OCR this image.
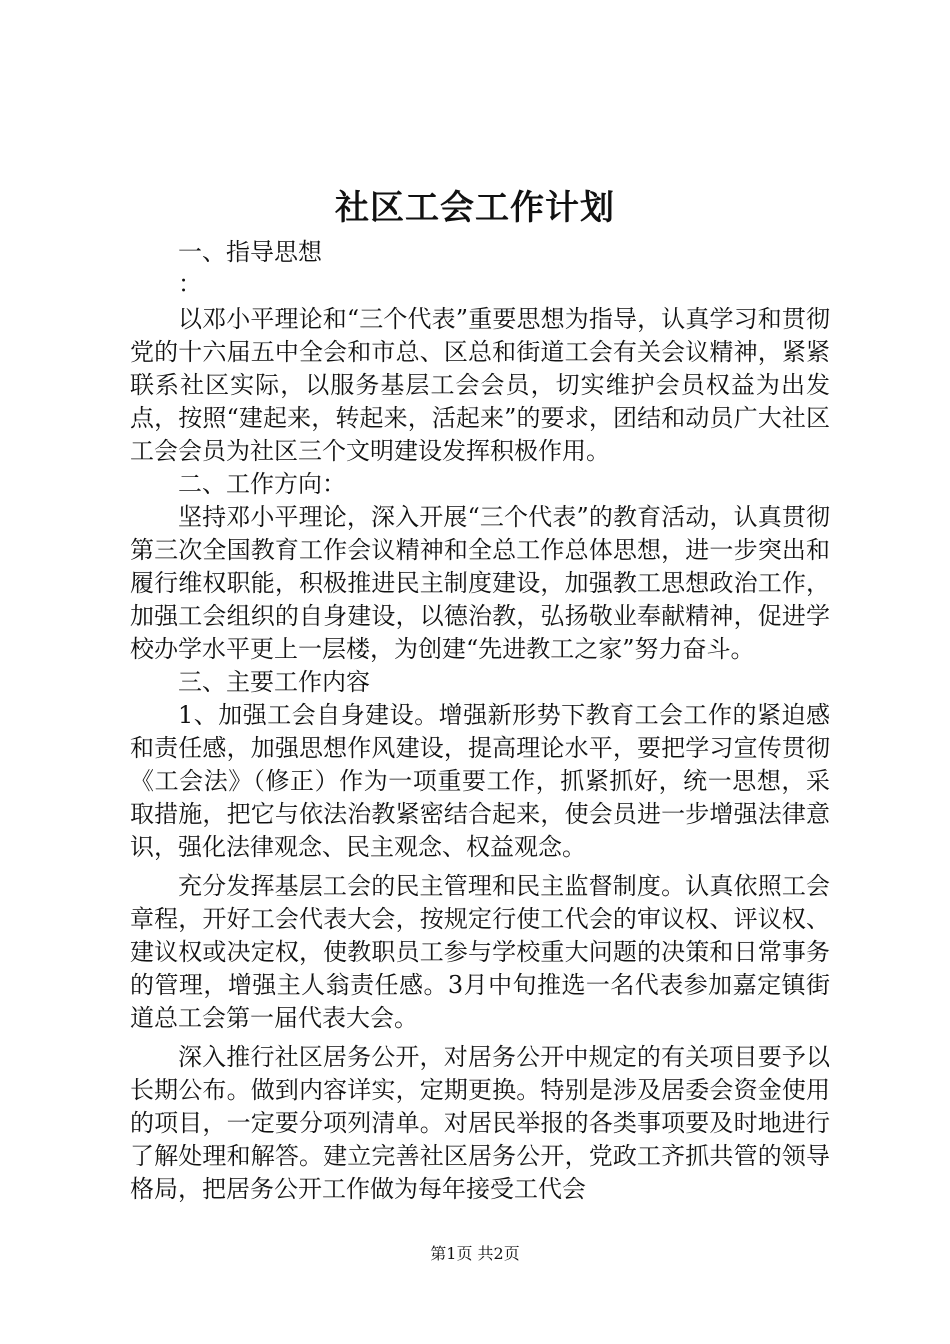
社区工会工作计划

一、指导思想

：

以邓小平理论和“三个代表”重要思想为指导，认真学习和贯彻党的十六届五中全会和市总、区总和街道工会有关会议精神，紧紧联系社区实际，以服务基层工会会员，切实维护会员权益为出发点，按照“建起来，转起来，活起来”的要求，团结和动员广大社区工会会员为社区三个文明建设发挥积极作用。

二、工作方向：

坚持邓小平理论，深入开展“三个代表”的教育活动，认真贯彻第三次全国教育工作会议精神和全总工作总体思想，进一步突出和履行维权职能，积极推进民主制度建设，加强教工思想政治工作，加强工会组织的自身建设，以德治教，弘扬敬业奉献精神，促进学校办学水平更上一层楼，为创建“先进教工之家”努力奋斗。

三、主要工作内容

1、加强工会自身建设。增强新形势下教育工会工作的紧迫感和责任感，加强思想作风建设，提高理论水平，要把学习宣传贯彻《工会法》（修正）作为一项重要工作，抓紧抓好，统一思想，采取措施，把它与依法治教紧密结合起来，使会员进一步增强法律意识，强化法律观念、民主观念、权益观念。

充分发挥基层工会的民主管理和民主监督制度。认真依照工会章程，开好工会代表大会，按规定行使工代会的审议权、评议权、建议权或决定权，使教职员工参与学校重大问题的决策和日常事务的管理，增强主人翁责任感。3月中旬推选一名代表参加嘉定镇街道总工会第一届代表大会。

深入推行社区居务公开，对居务公开中规定的有关项目要予以长期公布。做到内容详实，定期更换。特别是涉及居委会资金使用的项目，一定要分项列清单。对居民举报的各类事项要及时地进行了解处理和解答。建立完善社区居务公开，党政工齐抓共管的领导格局，把居务公开工作做为每年接受工代会

第1页 共2页
